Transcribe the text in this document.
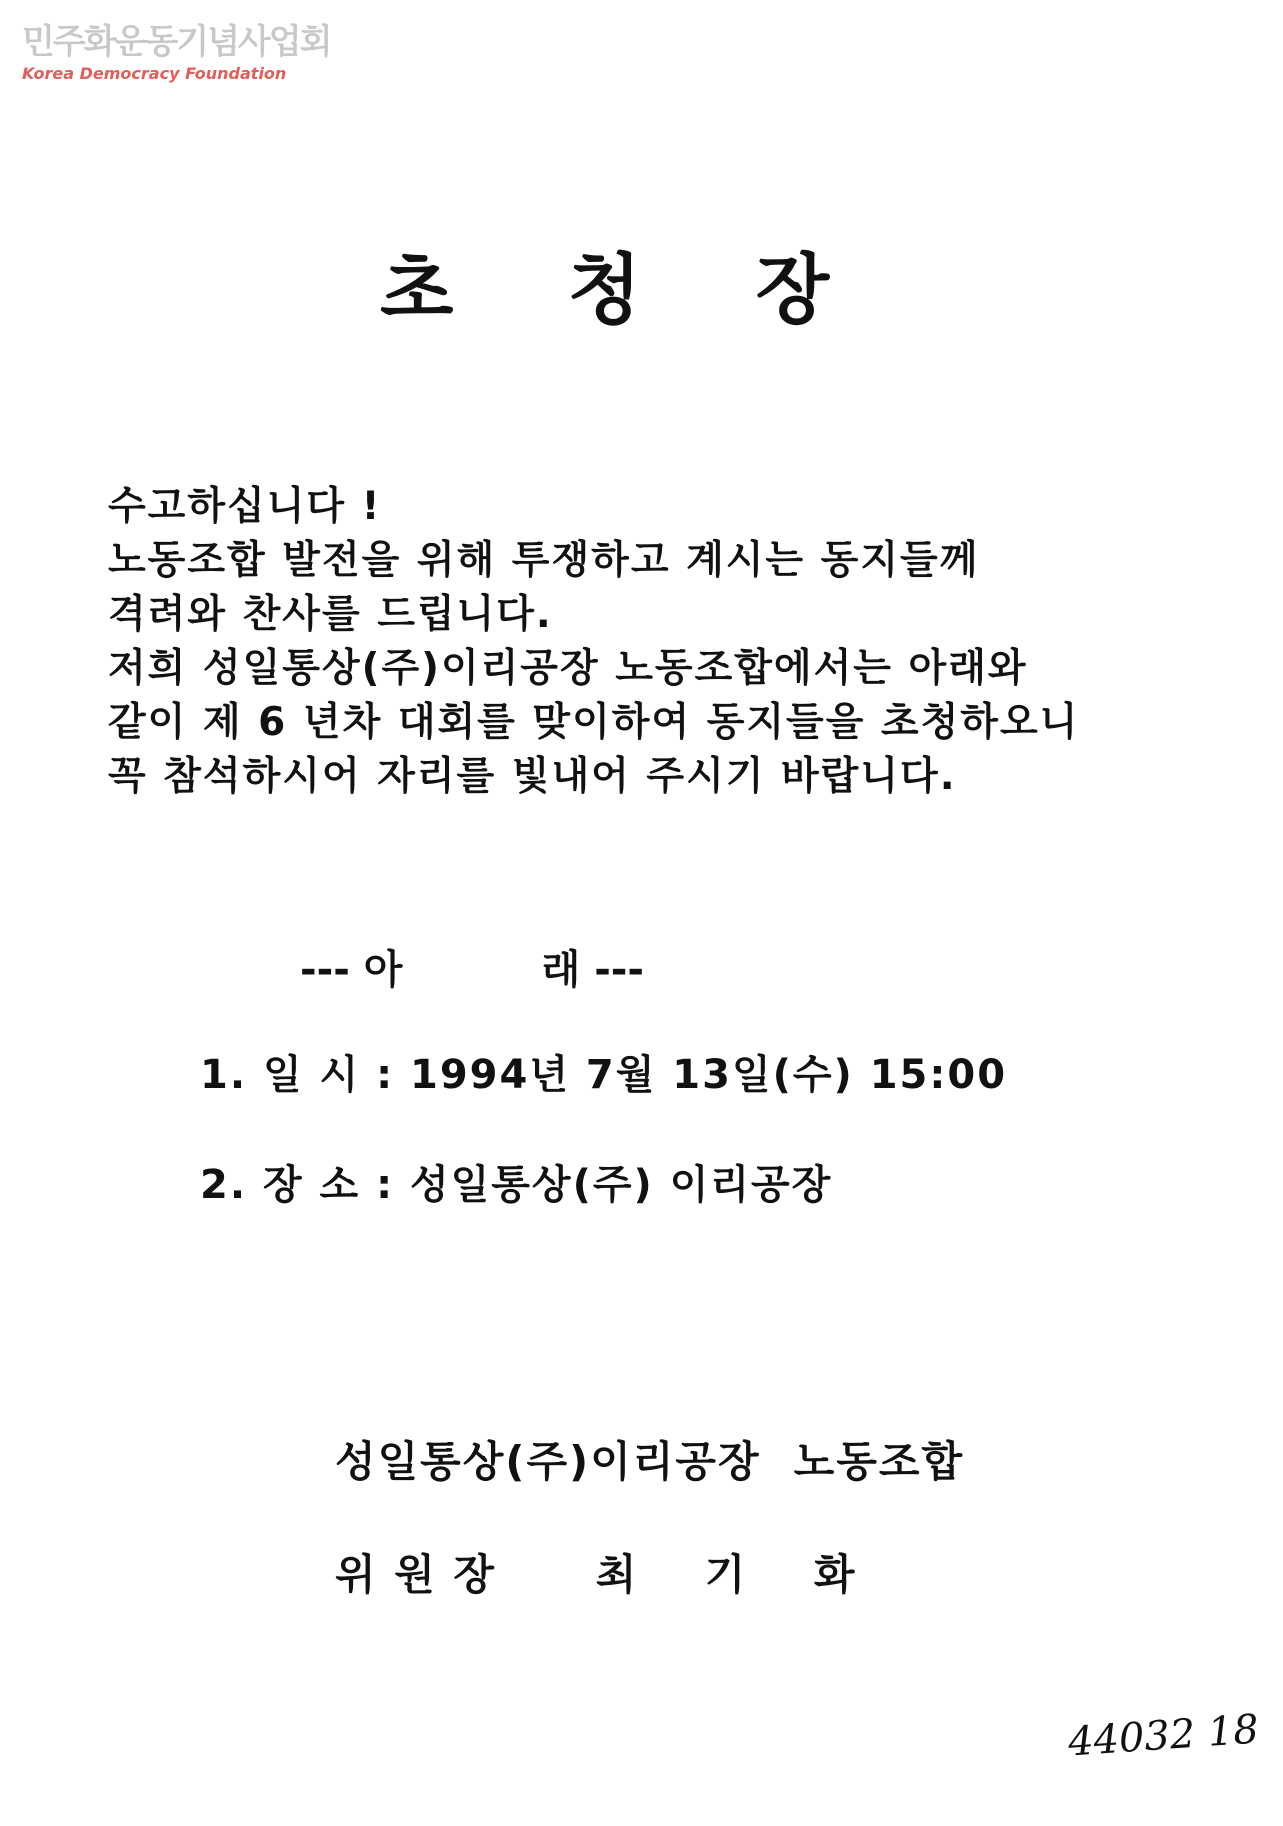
민주화운동기념사업회
Korea Democracy Foundation
초 청 장
수고하십니다 !
노동조합 발전을 위해 투쟁하고 계시는 동지들께
격려와 찬사를 드립니다.
저희 성일통상(주)이리공장 노동조합에서는 아래와
같이 제 6 년차 대회를 맞이하여 동지들을 초청하오니
꼭 참석하시어 자리를 빛내어 주시기 바랍니다.
--- 아          래 ---
1. 일 시 : 1994년 7월 13일(수) 15:00
2. 장 소 : 성일통상(주) 이리공장
성일통상(주)이리공장  노동조합
위 원 장      최    기    화
44032 18
